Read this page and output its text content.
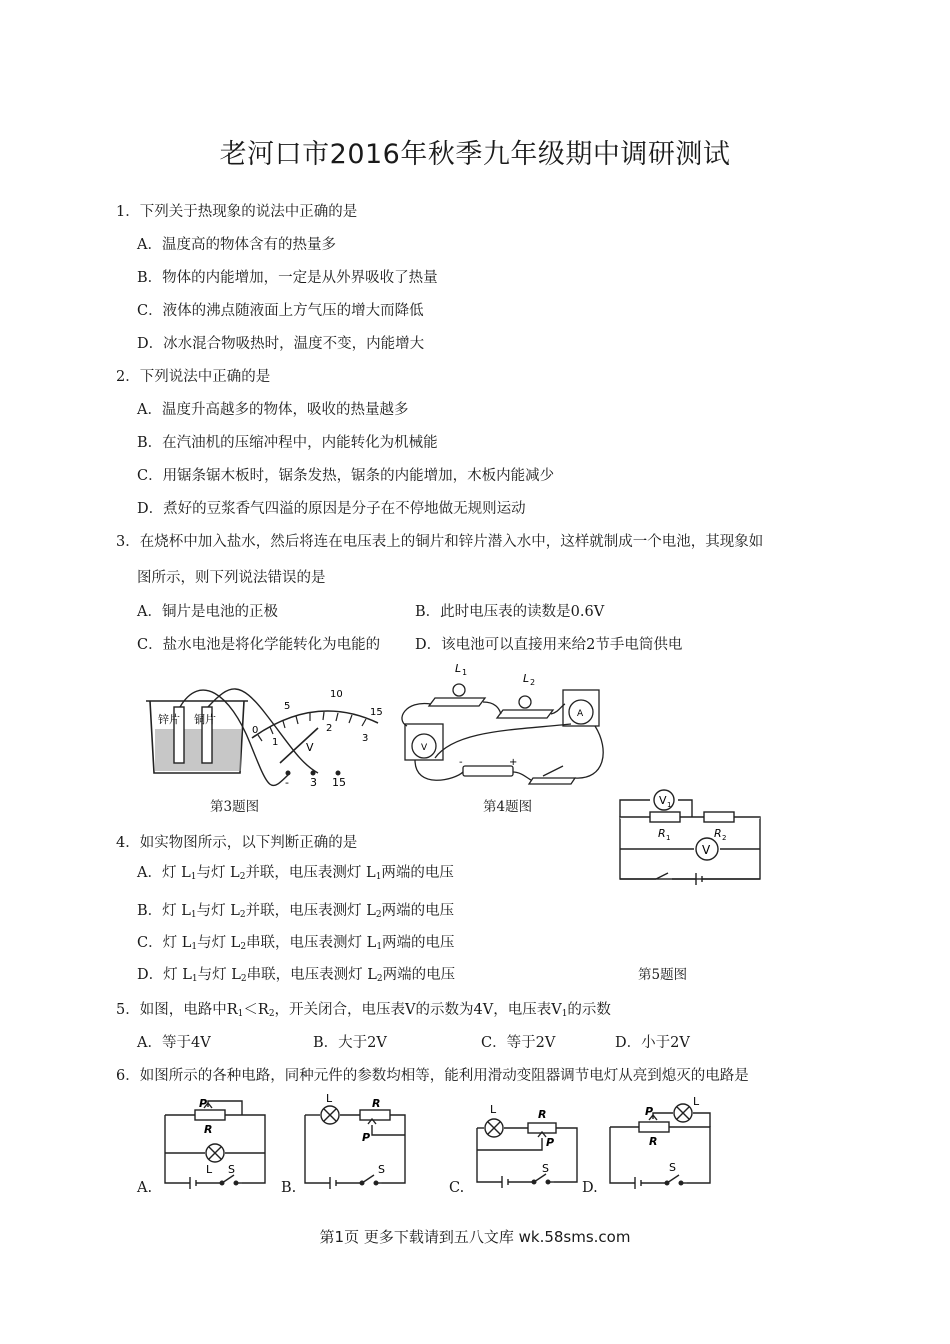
老河口市2016年秋季九年级期中调研测试
1．下列关于热现象的说法中正确的是
A．温度高的物体含有的热量多
B．物体的内能增加，一定是从外界吸收了热量
C．液体的沸点随液面上方气压的增大而降低
D．冰水混合物吸热时，温度不变，内能增大
2．下列说法中正确的是
A．温度升高越多的物体，吸收的热量越多
B．在汽油机的压缩冲程中，内能转化为机械能
C．用锯条锯木板时，锯条发热，锯条的内能增加，木板内能减少
D．煮好的豆浆香气四溢的原因是分子在不停地做无规则运动
3．在烧杯中加入盐水，然后将连在电压表上的铜片和锌片潜入水中，这样就制成一个电池，其现象如
图所示，则下列说法错误的是
A．铜片是电池的正极	B．此时电压表的读数是0.6V
C．盐水电池是将化学能转化为电能的 D．该电池可以直接用来给2节手电筒供电
锌片 铜片
0
5
10
15
1
2
3
V
- 3 15
第3题图
L 1	L 2
V
A
-	+
第4题图	V 1
V
R 1	R 2
4．如实物图所示，以下判断正确的是
A．灯 $L_1$与灯 $L_2$并联，电压表测灯 $L_1$两端的电压
B．灯 $L_1$与灯 $L_2$并联，电压表测灯 $L_2$两端的电压
C．灯 $L_1$与灯 $L_2$串联，电压表测灯 $L_1$两端的电压
D．灯 $L_1$与灯 $L_2$串联，电压表测灯 $L_2$两端的电压	第5题图
5．如图，电路中$R_1<R_2$，开关闭合，电压表V的示数为4V，电压表$V_1$的示数
A．等于4V	B．大于2V	C．等于2V	D．小于2V
6．如图所示的各种电路，同种元件的参数均相等，能利用滑动变阻器调节电灯从亮到熄灭的电路是
P
R
L S
A.
L	R
P
S
B.
L	R
P
S
C.
P
L
R
S
D.
第1页 更多下载请到五八文库 wk.58sms.com
